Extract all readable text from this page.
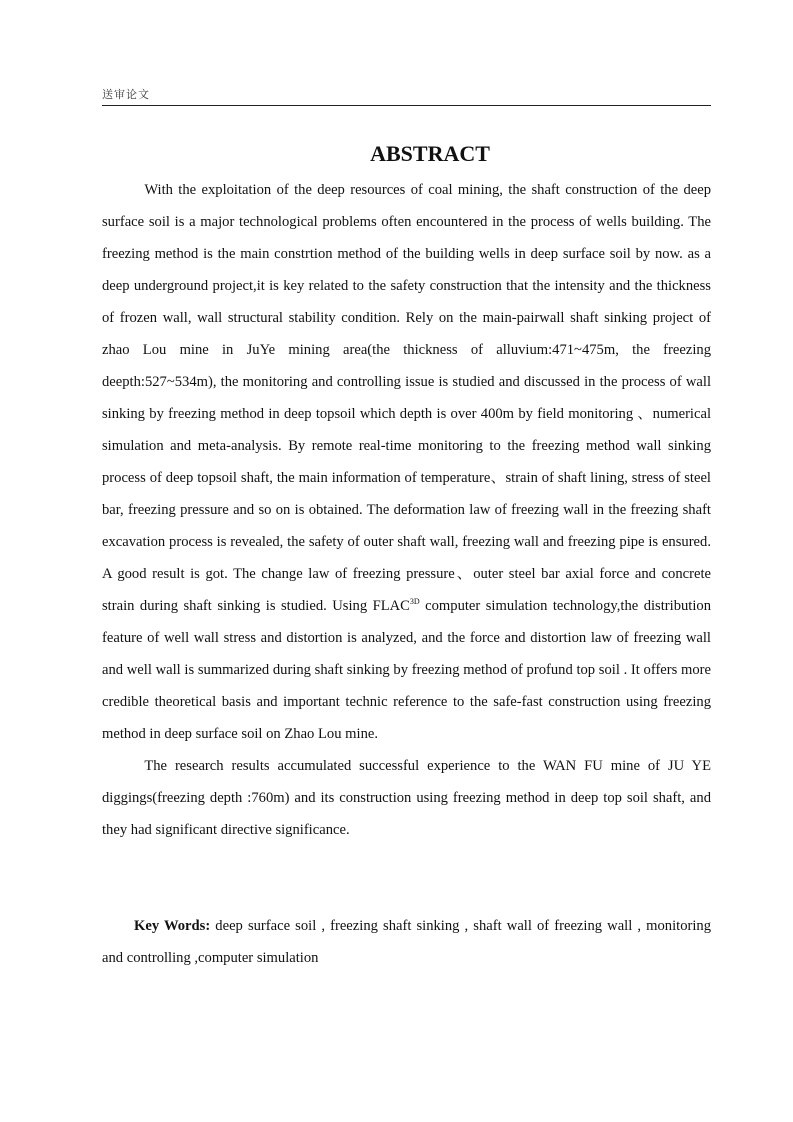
送审论文
ABSTRACT

With the exploitation of the deep resources of coal mining, the shaft construction of the deep surface soil is a major technological problems often encountered in the process of wells building. The freezing method is the main constrtion method of the building wells in deep surface soil by now. as a deep underground project,it is key related to the safety construction that the intensity and the thickness of frozen wall, wall structural stability condition. Rely on the main-pairwall shaft sinking project of zhao Lou mine in JuYe mining area(the thickness of alluvium:471~475m, the freezing deepth:527~534m), the monitoring and controlling issue is studied and discussed in the process of wall sinking by freezing method in deep topsoil which depth is over 400m by field monitoring 、numerical simulation and meta-analysis. By remote real-time monitoring to the freezing method wall sinking process of deep topsoil shaft, the main information of temperature、strain of shaft lining, stress of steel bar, freezing pressure and so on is obtained. The deformation law of freezing wall in the freezing shaft excavation process is revealed, the safety of outer shaft wall, freezing wall and freezing pipe is ensured. A good result is got. The change law of freezing pressure、outer steel bar axial force and concrete strain during shaft sinking is studied. Using $FLAC^{3D}$ computer simulation technology,the distribution feature of well wall stress and distortion is analyzed, and the force and distortion law of freezing wall and well wall is summarized during shaft sinking by freezing method of profund top soil . It offers more credible theoretical basis and important technic reference to the safe-fast construction using freezing method in deep surface soil on Zhao Lou mine.

The research results accumulated successful experience to the WAN FU mine of JU YE diggings(freezing depth :760m) and its construction using freezing method in deep top soil shaft, and they had significant directive significance.

Key Words: deep surface soil , freezing shaft sinking , shaft wall of freezing wall , monitoring and controlling ,computer simulation
